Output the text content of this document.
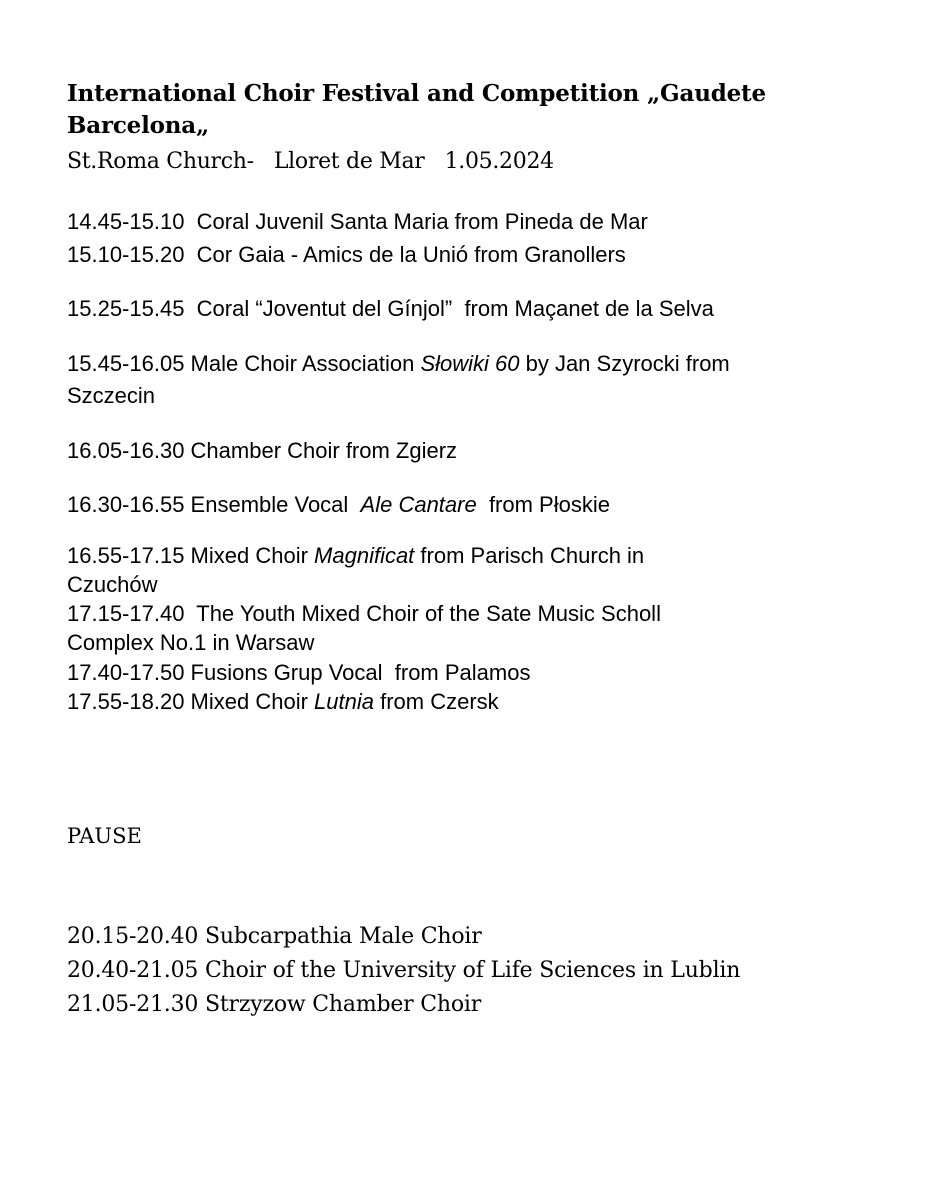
International Choir Festival and Competition „Gaudete Barcelona„
St.Roma Church-   Lloret de Mar   1.05.2024
14.45-15.10  Coral Juvenil Santa Maria from Pineda de Mar
15.10-15.20  Cor Gaia - Amics de la Unió from Granollers
15.25-15.45  Coral “Joventut del Gínjol”  from Maçanet de la Selva
15.45-16.05 Male Choir Association Słowiki 60 by Jan Szyrocki from
Szczecin
16.05-16.30 Chamber Choir from Zgierz
16.30-16.55 Ensemble Vocal  Ale Cantare  from Płoskie
16.55-17.15 Mixed Choir Magnificat from Parisch Church in
Czuchów
17.15-17.40  The Youth Mixed Choir of the Sate Music Scholl
Complex No.1 in Warsaw
17.40-17.50 Fusions Grup Vocal  from Palamos
17.55-18.20 Mixed Choir Lutnia from Czersk
PAUSE
20.15-20.40 Subcarpathia Male Choir
20.40-21.05 Choir of the University of Life Sciences in Lublin
21.05-21.30 Strzyzow Chamber Choir
